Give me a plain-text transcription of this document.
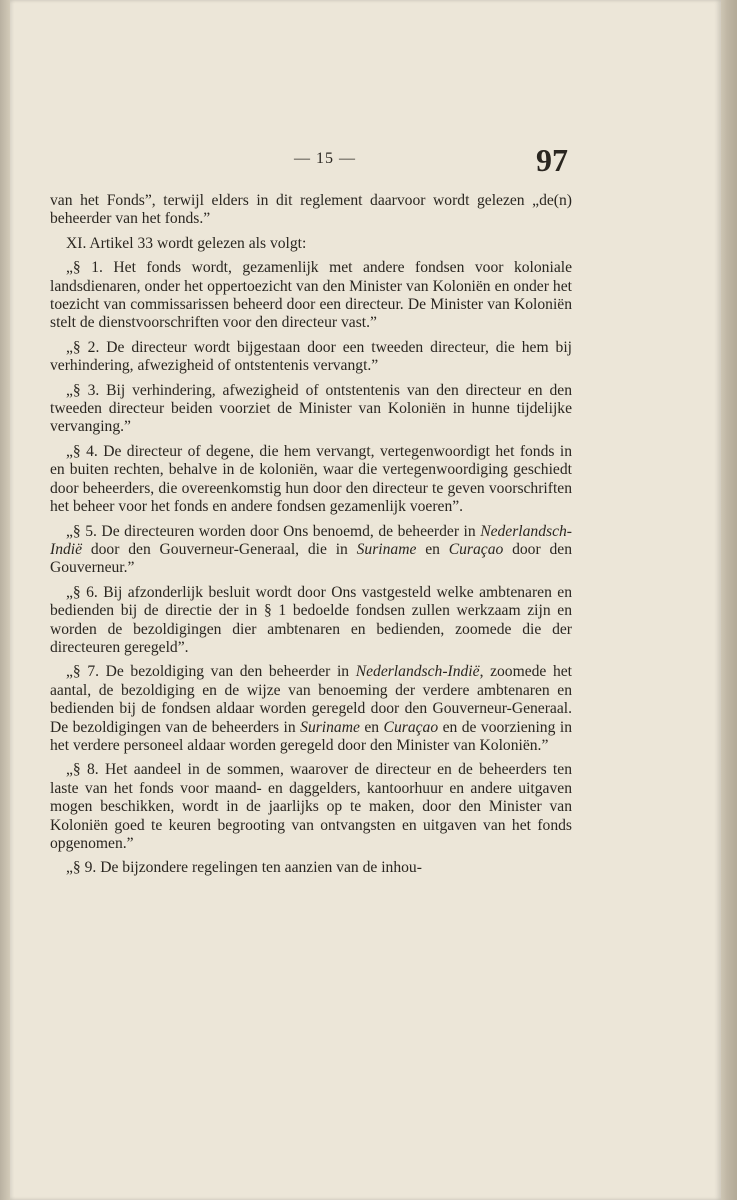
— 15 —	97

van het Fonds”, terwijl elders in dit reglement daarvoor wordt gelezen „de(n) beheerder van het fonds.”

XI. Artikel 33 wordt gelezen als volgt:

„§ 1. Het fonds wordt, gezamenlijk met andere fondsen voor koloniale landsdienaren, onder het oppertoezicht van den Minister van Koloniën en onder het toezicht van commissarissen beheerd door een directeur. De Minister van Koloniën stelt de dienstvoorschriften voor den directeur vast.”

„§ 2. De directeur wordt bijgestaan door een tweeden directeur, die hem bij verhindering, afwezigheid of ontstentenis vervangt.”

„§ 3. Bij verhindering, afwezigheid of ontstentenis van den directeur en den tweeden directeur beiden voorziet de Minister van Koloniën in hunne tijdelijke vervanging.”

„§ 4. De directeur of degene, die hem vervangt, vertegenwoordigt het fonds in en buiten rechten, behalve in de koloniën, waar die vertegenwoordiging geschiedt door beheerders, die overeenkomstig hun door den directeur te geven voorschriften het beheer voor het fonds en andere fondsen gezamenlijk voeren”.

„§ 5. De directeuren worden door Ons benoemd, de beheerder in Nederlandsch-Indië door den Gouverneur-Generaal, die in Suriname en Curaçao door den Gouverneur.”

„§ 6. Bij afzonderlijk besluit wordt door Ons vastgesteld welke ambtenaren en bedienden bij de directie der in § 1 bedoelde fondsen zullen werkzaam zijn en worden de bezoldigingen dier ambtenaren en bedienden, zoomede die der directeuren geregeld”.

„§ 7. De bezoldiging van den beheerder in Nederlandsch-Indië, zoomede het aantal, de bezoldiging en de wijze van benoeming der verdere ambtenaren en bedienden bij de fondsen aldaar worden geregeld door den Gouverneur-Generaal. De bezoldigingen van de beheerders in Suriname en Curaçao en de voorziening in het verdere personeel aldaar worden geregeld door den Minister van Koloniën.”

„§ 8. Het aandeel in de sommen, waarover de directeur en de beheerders ten laste van het fonds voor maand- en daggelders, kantoorhuur en andere uitgaven mogen beschikken, wordt in de jaarlijks op te maken, door den Minister van Koloniën goed te keuren begrooting van ontvangsten en uitgaven van het fonds opgenomen.”

„§ 9. De bijzondere regelingen ten aanzien van de inhou-
